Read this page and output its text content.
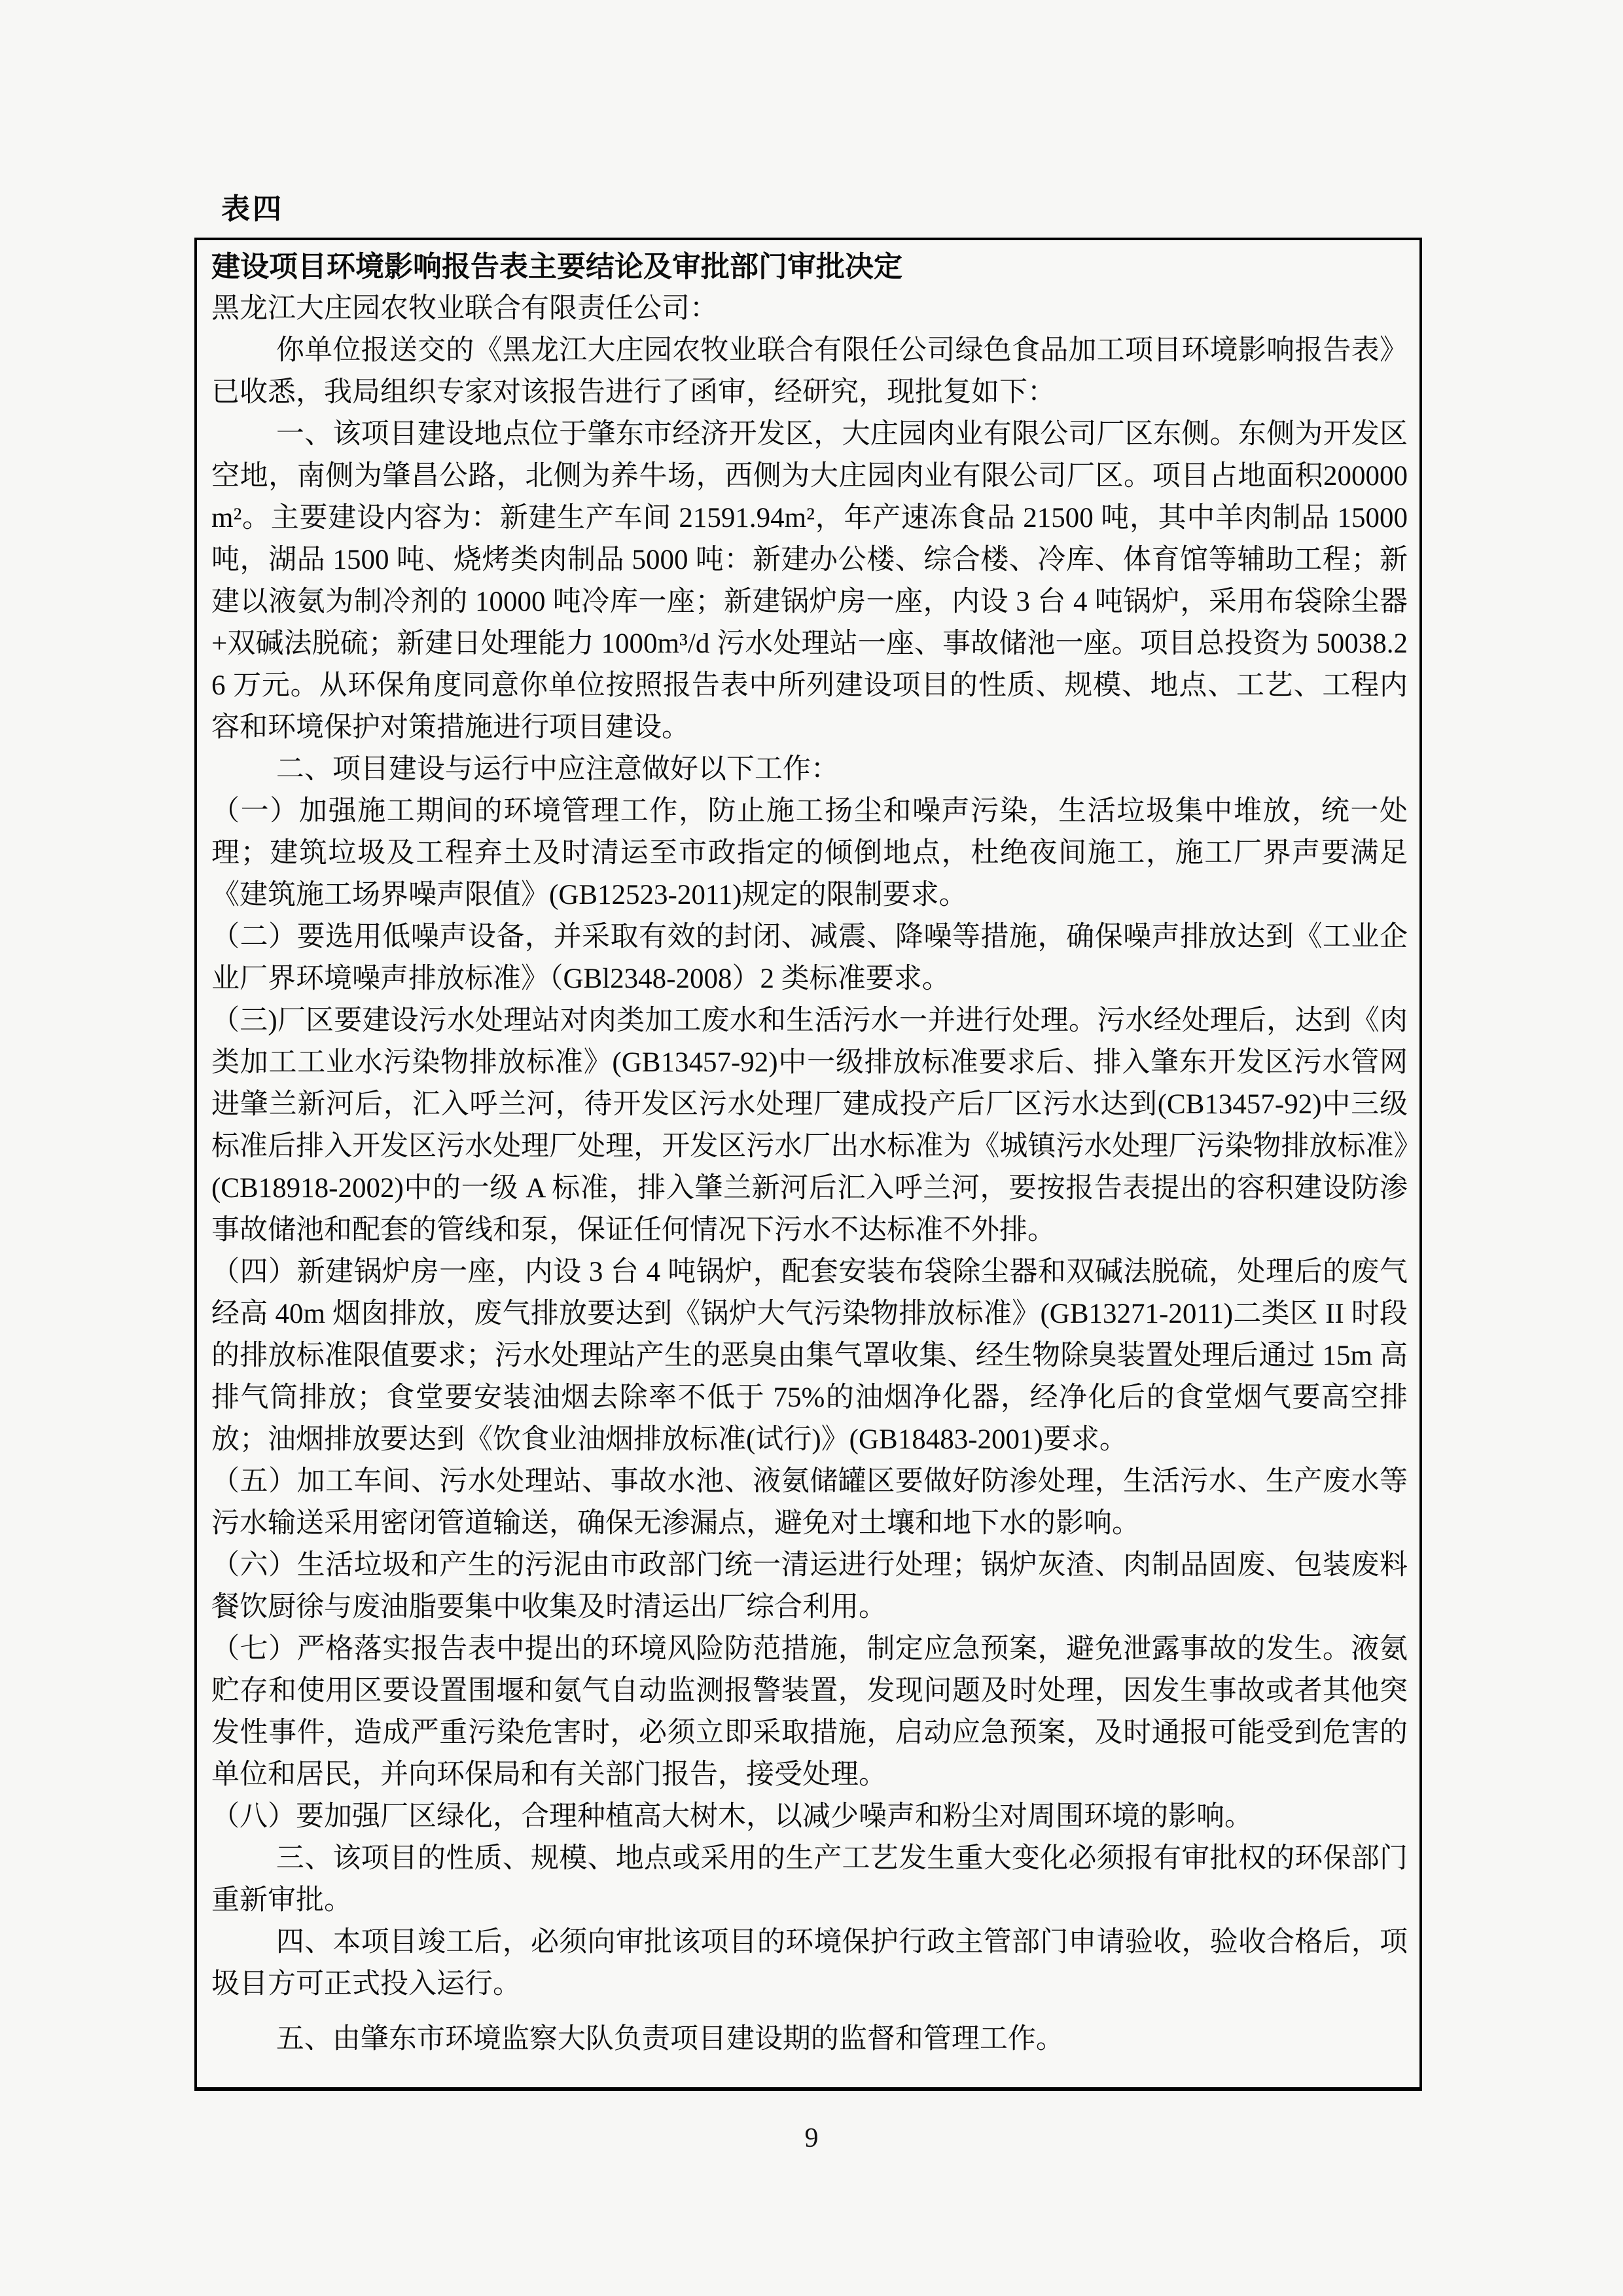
表四

建设项目环境影响报告表主要结论及审批部门审批决定

黑龙江大庄园农牧业联合有限责任公司：

你单位报送交的《黑龙江大庄园农牧业联合有限任公司绿色食品加工项目环境影响报告表》已收悉，我局组织专家对该报告进行了函审，经研究，现批复如下：

一、该项目建设地点位于肇东市经济开发区，大庄园肉业有限公司厂区东侧。东侧为开发区空地，南侧为肇昌公路，北侧为养牛场，西侧为大庄园肉业有限公司厂区。项目占地面积200000m²。主要建设内容为：新建生产车间 21591.94m²，年产速冻食品 21500 吨，其中羊肉制品 15000 吨，湖品 1500 吨、烧烤类肉制品 5000 吨：新建办公楼、综合楼、冷库、体育馆等辅助工程；新建以液氨为制冷剂的 10000 吨冷库一座；新建锅炉房一座，内设 3 台 4 吨锅炉，采用布袋除尘器+双碱法脱硫；新建日处理能力 1000m³/d 污水处理站一座、事故储池一座。项目总投资为 50038.26 万元。从环保角度同意你单位按照报告表中所列建设项目的性质、规模、地点、工艺、工程内容和环境保护对策措施进行项目建设。

二、项目建设与运行中应注意做好以下工作：

（一）加强施工期间的环境管理工作，防止施工扬尘和噪声污染，生活垃圾集中堆放，统一处理；建筑垃圾及工程弃土及时清运至市政指定的倾倒地点，杜绝夜间施工，施工厂界声要满足《建筑施工场界噪声限值》(GB12523-2011)规定的限制要求。

（二）要选用低噪声设备，并采取有效的封闭、减震、降噪等措施，确保噪声排放达到《工业企业厂界环境噪声排放标准》（GBl2348-2008）2 类标准要求。

（三)厂区要建设污水处理站对肉类加工废水和生活污水一并进行处理。污水经处理后，达到《肉类加工工业水污染物排放标准》(GB13457-92)中一级排放标准要求后、排入肇东开发区污水管网进肇兰新河后，汇入呼兰河，待开发区污水处理厂建成投产后厂区污水达到(CB13457-92)中三级标准后排入开发区污水处理厂处理，开发区污水厂出水标准为《城镇污水处理厂污染物排放标准》(CB18918-2002)中的一级 A 标准，排入肇兰新河后汇入呼兰河，要按报告表提出的容积建设防渗事故储池和配套的管线和泵，保证任何情况下污水不达标准不外排。

（四）新建锅炉房一座，内设 3 台 4 吨锅炉，配套安装布袋除尘器和双碱法脱硫，处理后的废气经高 40m 烟囱排放，废气排放要达到《锅炉大气污染物排放标准》(GB13271-2011)二类区 II 时段的排放标准限值要求；污水处理站产生的恶臭由集气罩收集、经生物除臭装置处理后通过 15m 高排气筒排放；食堂要安装油烟去除率不低于 75%的油烟净化器，经净化后的食堂烟气要高空排放；油烟排放要达到《饮食业油烟排放标准(试行)》(GB18483-2001)要求。

（五）加工车间、污水处理站、事故水池、液氨储罐区要做好防渗处理，生活污水、生产废水等污水输送采用密闭管道输送，确保无渗漏点，避免对土壤和地下水的影响。

（六）生活垃圾和产生的污泥由市政部门统一清运进行处理；锅炉灰渣、肉制品固废、包装废料餐饮厨徐与废油脂要集中收集及时清运出厂综合利用。

（七）严格落实报告表中提出的环境风险防范措施，制定应急预案，避免泄露事故的发生。液氨贮存和使用区要设置围堰和氨气自动监测报警装置，发现问题及时处理，因发生事故或者其他突发性事件，造成严重污染危害时，必须立即采取措施，启动应急预案，及时通报可能受到危害的单位和居民，并向环保局和有关部门报告，接受处理。

（八）要加强厂区绿化，合理种植高大树木，以减少噪声和粉尘对周围环境的影响。

三、该项目的性质、规模、地点或采用的生产工艺发生重大变化必须报有审批权的环保部门重新审批。

四、本项目竣工后，必须向审批该项目的环境保护行政主管部门申请验收，验收合格后，项圾目方可正式投入运行。

五、由肇东市环境监察大队负责项目建设期的监督和管理工作。

9
